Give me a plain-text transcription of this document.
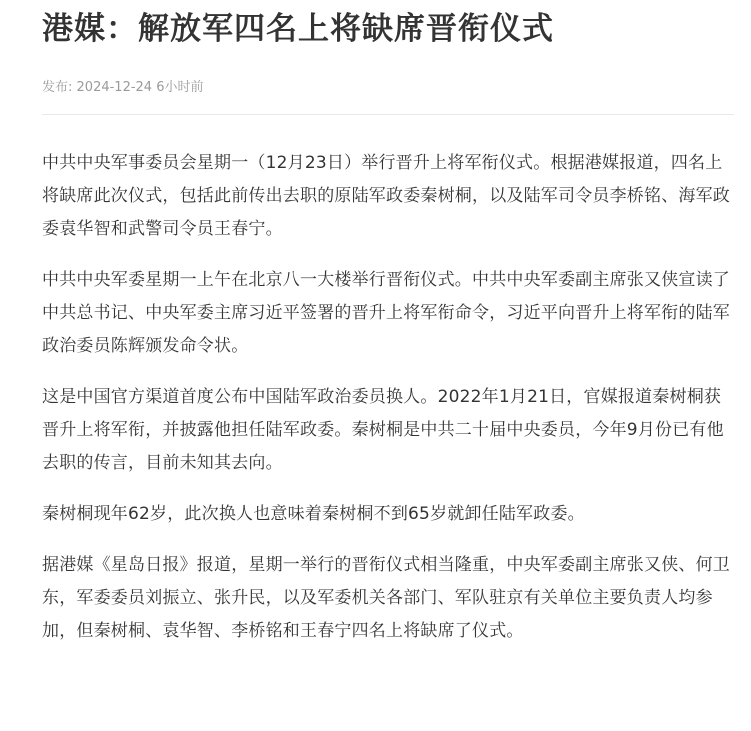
港媒：解放军四名上将缺席晋衔仪式
发布: 2024-12-24 6小时前

中共中央军事委员会星期一（12月23日）举行晋升上将军衔仪式。根据港媒报道，四名上将缺席此次仪式，包括此前传出去职的原陆军政委秦树桐，以及陆军司令员李桥铭、海军政委袁华智和武警司令员王春宁。

中共中央军委星期一上午在北京八一大楼举行晋衔仪式。中共中央军委副主席张又侠宣读了中共总书记、中央军委主席习近平签署的晋升上将军衔命令，习近平向晋升上将军衔的陆军政治委员陈辉颁发命令状。

这是中国官方渠道首度公布中国陆军政治委员换人。2022年1月21日，官媒报道秦树桐获晋升上将军衔，并披露他担任陆军政委。秦树桐是中共二十届中央委员，今年9月份已有他去职的传言，目前未知其去向。

秦树桐现年62岁，此次换人也意味着秦树桐不到65岁就卸任陆军政委。

据港媒《星岛日报》报道，星期一举行的晋衔仪式相当隆重，中央军委副主席张又侠、何卫东，军委委员刘振立、张升民，以及军委机关各部门、军队驻京有关单位主要负责人均参加，但秦树桐、袁华智、李桥铭和王春宁四名上将缺席了仪式。
